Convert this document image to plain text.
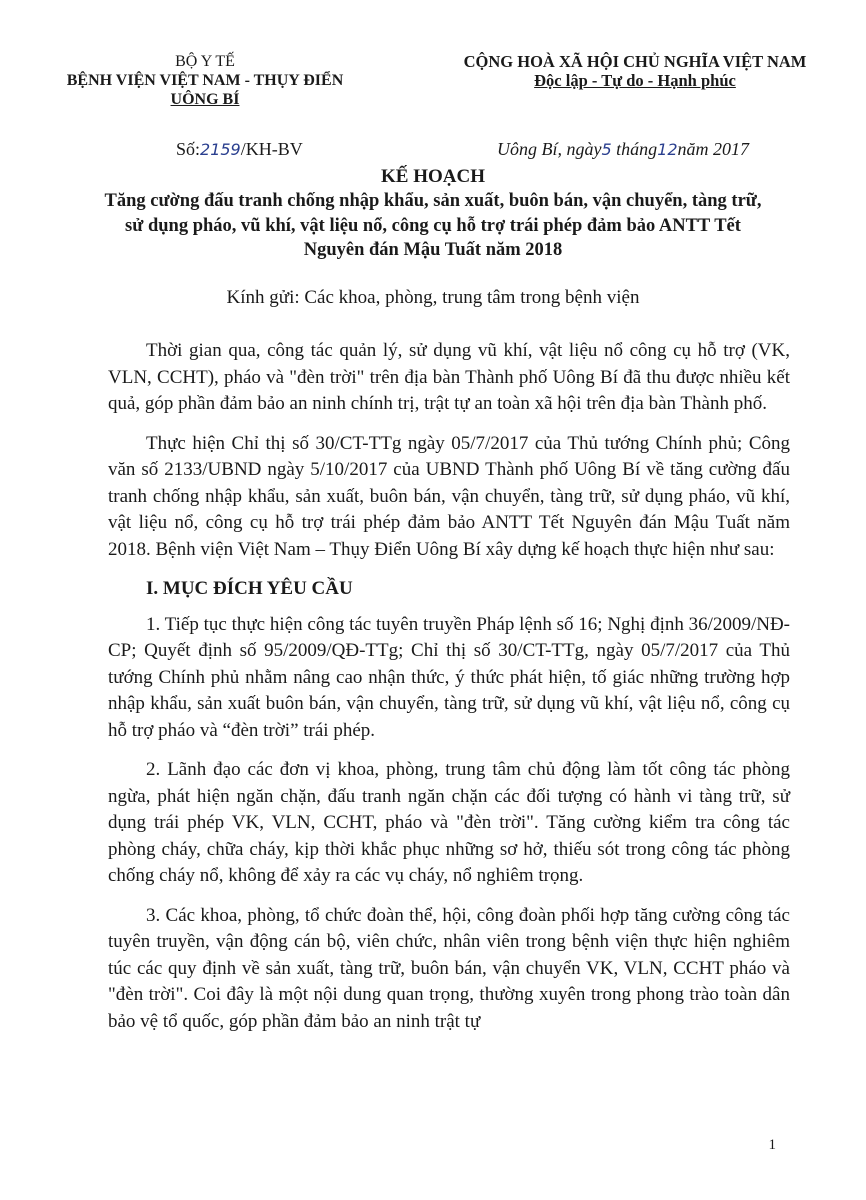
BỘ Y TẾ
BỆNH VIỆN VIỆT NAM - THỤY ĐIỂN
UÔNG BÍ
CỘNG HOÀ XÃ HỘI CHỦ NGHĨA VIỆT NAM
Độc lập - Tự do - Hạnh phúc
Số:2159/KH-BV	Uông Bí, ngày5 tháng12năm 2017
KẾ HOẠCH
Tăng cường đấu tranh chống nhập khẩu, sản xuất, buôn bán, vận chuyển, tàng trữ, sử dụng pháo, vũ khí, vật liệu nổ, công cụ hỗ trợ trái phép đảm bảo ANTT Tết Nguyên đán Mậu Tuất năm 2018
Kính gửi: Các khoa, phòng, trung tâm trong bệnh viện

Thời gian qua, công tác quản lý, sử dụng vũ khí, vật liệu nổ công cụ hỗ trợ (VK, VLN, CCHT), pháo và "đèn trời" trên địa bàn Thành phố Uông Bí đã thu được nhiều kết quả, góp phần đảm bảo an ninh chính trị, trật tự an toàn xã hội trên địa bàn Thành phố.

Thực hiện Chỉ thị số 30/CT-TTg ngày 05/7/2017 của Thủ tướng Chính phủ; Công văn số 2133/UBND ngày 5/10/2017 của UBND Thành phố Uông Bí về tăng cường đấu tranh chống nhập khẩu, sản xuất, buôn bán, vận chuyển, tàng trữ, sử dụng pháo, vũ khí, vật liệu nổ, công cụ hỗ trợ trái phép đảm bảo ANTT Tết Nguyên đán Mậu Tuất năm 2018. Bệnh viện Việt Nam – Thụy Điển Uông Bí xây dựng kế hoạch thực hiện như sau:

I. MỤC ĐÍCH YÊU CẦU

1. Tiếp tục thực hiện công tác tuyên truyền Pháp lệnh số 16; Nghị định 36/2009/NĐ-CP; Quyết định số 95/2009/QĐ-TTg; Chỉ thị số 30/CT-TTg, ngày 05/7/2017 của Thủ tướng Chính phủ nhằm nâng cao nhận thức, ý thức phát hiện, tố giác những trường hợp nhập khẩu, sản xuất buôn bán, vận chuyển, tàng trữ, sử dụng vũ khí, vật liệu nổ, công cụ hỗ trợ pháo và “đèn trời” trái phép.

2. Lãnh đạo các đơn vị khoa, phòng, trung tâm chủ động làm tốt công tác phòng ngừa, phát hiện ngăn chặn, đấu tranh ngăn chặn các đối tượng có hành vi tàng trữ, sử dụng trái phép VK, VLN, CCHT, pháo và "đèn trời". Tăng cường kiểm tra công tác phòng cháy, chữa cháy, kịp thời khắc phục những sơ hở, thiếu sót trong công tác phòng chống cháy nổ, không để xảy ra các vụ cháy, nổ nghiêm trọng.

3. Các khoa, phòng, tổ chức đoàn thể, hội, công đoàn phối hợp tăng cường công tác tuyên truyền, vận động cán bộ, viên chức, nhân viên trong bệnh viện thực hiện nghiêm túc các quy định về sản xuất, tàng trữ, buôn bán, vận chuyển VK, VLN, CCHT pháo và "đèn trời". Coi đây là một nội dung quan trọng, thường xuyên trong phong trào toàn dân bảo vệ tổ quốc, góp phần đảm bảo an ninh trật tự

1
